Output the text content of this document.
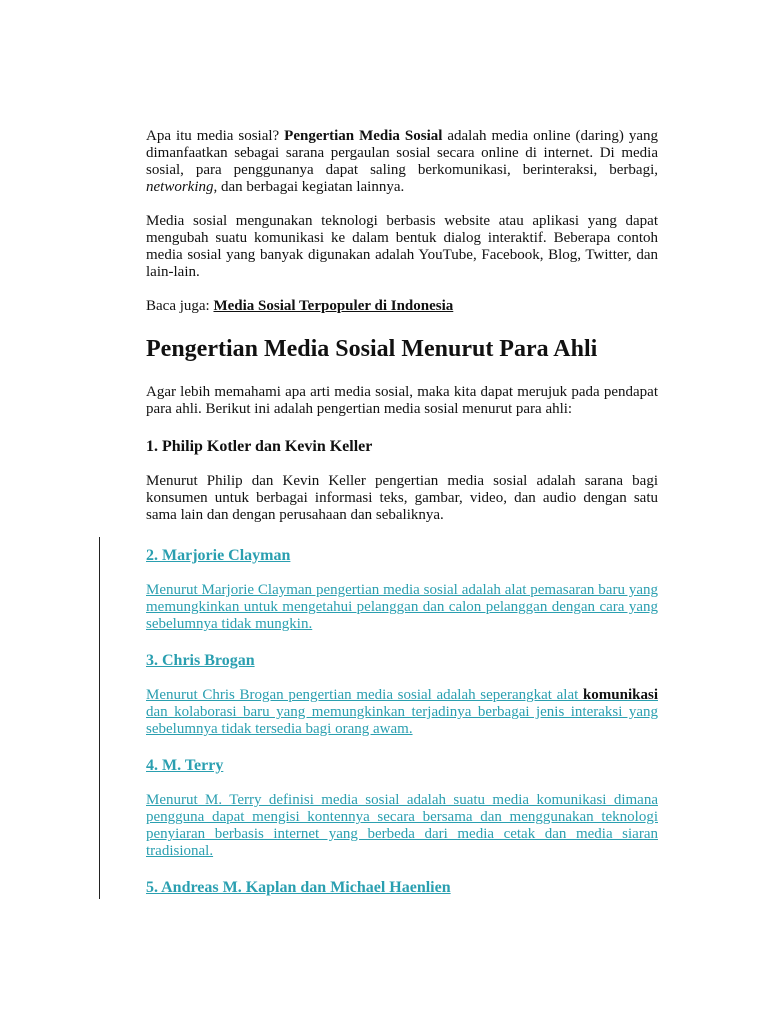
Apa itu media sosial? Pengertian Media Sosial adalah media online (daring) yang dimanfaatkan sebagai sarana pergaulan sosial secara online di internet. Di media sosial, para penggunanya dapat saling berkomunikasi, berinteraksi, berbagi, networking, dan berbagai kegiatan lainnya.

Media sosial mengunakan teknologi berbasis website atau aplikasi yang dapat mengubah suatu komunikasi ke dalam bentuk dialog interaktif. Beberapa contoh media sosial yang banyak digunakan adalah YouTube, Facebook, Blog, Twitter, dan lain-lain.

Baca juga: Media Sosial Terpopuler di Indonesia

Pengertian Media Sosial Menurut Para Ahli

Agar lebih memahami apa arti media sosial, maka kita dapat merujuk pada pendapat para ahli. Berikut ini adalah pengertian media sosial menurut para ahli:

1. Philip Kotler dan Kevin Keller

Menurut Philip dan Kevin Keller pengertian media sosial adalah sarana bagi konsumen untuk berbagai informasi teks, gambar, video, dan audio dengan satu sama lain dan dengan perusahaan dan sebaliknya.

2. Marjorie Clayman

Menurut Marjorie Clayman pengertian media sosial adalah alat pemasaran baru yang memungkinkan untuk mengetahui pelanggan dan calon pelanggan dengan cara yang sebelumnya tidak mungkin.

3. Chris Brogan

Menurut Chris Brogan pengertian media sosial adalah seperangkat alat komunikasi dan kolaborasi baru yang memungkinkan terjadinya berbagai jenis interaksi yang sebelumnya tidak tersedia bagi orang awam.

4. M. Terry

Menurut M. Terry definisi media sosial adalah suatu media komunikasi dimana pengguna dapat mengisi kontennya secara bersama dan menggunakan teknologi penyiaran berbasis internet yang berbeda dari media cetak dan media siaran tradisional.

5. Andreas M. Kaplan dan Michael Haenlien
